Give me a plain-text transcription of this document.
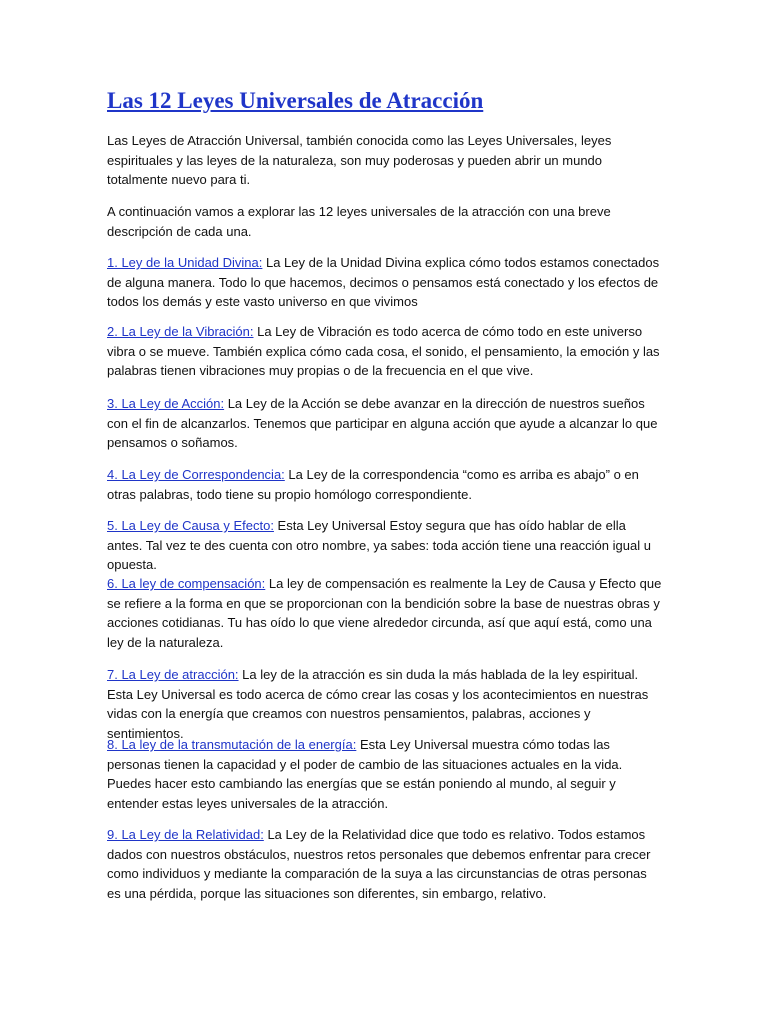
Las 12 Leyes Universales de Atracción

Las Leyes de Atracción Universal, también conocida como las Leyes Universales, leyes espirituales y las leyes de la naturaleza, son muy poderosas y pueden abrir un mundo totalmente nuevo para ti.

A continuación vamos a explorar las 12 leyes universales de la atracción con una breve descripción de cada una.

1. Ley de la Unidad Divina: La Ley de la Unidad Divina explica cómo todos estamos conectados de alguna manera. Todo lo que hacemos, decimos o pensamos está conectado y los efectos de todos los demás y este vasto universo en que vivimos

2. La Ley de la Vibración: La Ley de Vibración es todo acerca de cómo todo en este universo vibra o se mueve. También explica cómo cada cosa, el sonido, el pensamiento, la emoción y las palabras tienen vibraciones muy propias o de la frecuencia en el que vive.

3. La Ley de Acción: La Ley de la Acción se debe avanzar en la dirección de nuestros sueños con el fin de alcanzarlos. Tenemos que participar en alguna acción que ayude a alcanzar lo que pensamos o soñamos.

4. La Ley de Correspondencia: La Ley de la correspondencia “como es arriba es abajo” o en otras palabras, todo tiene su propio homólogo correspondiente.

5. La Ley de Causa y Efecto: Esta Ley Universal Estoy segura que has oído hablar de ella antes. Tal vez te des cuenta con otro nombre, ya sabes: toda acción tiene una reacción igual u opuesta.

6. La ley de compensación: La ley de compensación es realmente la Ley de Causa y Efecto que se refiere a la forma en que se proporcionan con la bendición sobre la base de nuestras obras y acciones cotidianas. Tu has oído lo que viene alrededor circunda, así que aquí está, como una ley de la naturaleza.

7. La Ley de atracción: La ley de la atracción es sin duda la más hablada de la ley espiritual. Esta Ley Universal es todo acerca de cómo crear las cosas y los acontecimientos en nuestras vidas con la energía que creamos con nuestros pensamientos, palabras, acciones y sentimientos.

8. La ley de la transmutación de la energía: Esta Ley Universal muestra cómo todas las personas tienen la capacidad y el poder de cambio de las situaciones actuales en la vida. Puedes hacer esto cambiando las energías que se están poniendo al mundo, al seguir y entender estas leyes universales de la atracción.

9. La Ley de la Relatividad: La Ley de la Relatividad dice que todo es relativo. Todos estamos dados con nuestros obstáculos, nuestros retos personales que debemos enfrentar para crecer como individuos y mediante la comparación de la suya a las circunstancias de otras personas es una pérdida, porque las situaciones son diferentes, sin embargo, relativo.
